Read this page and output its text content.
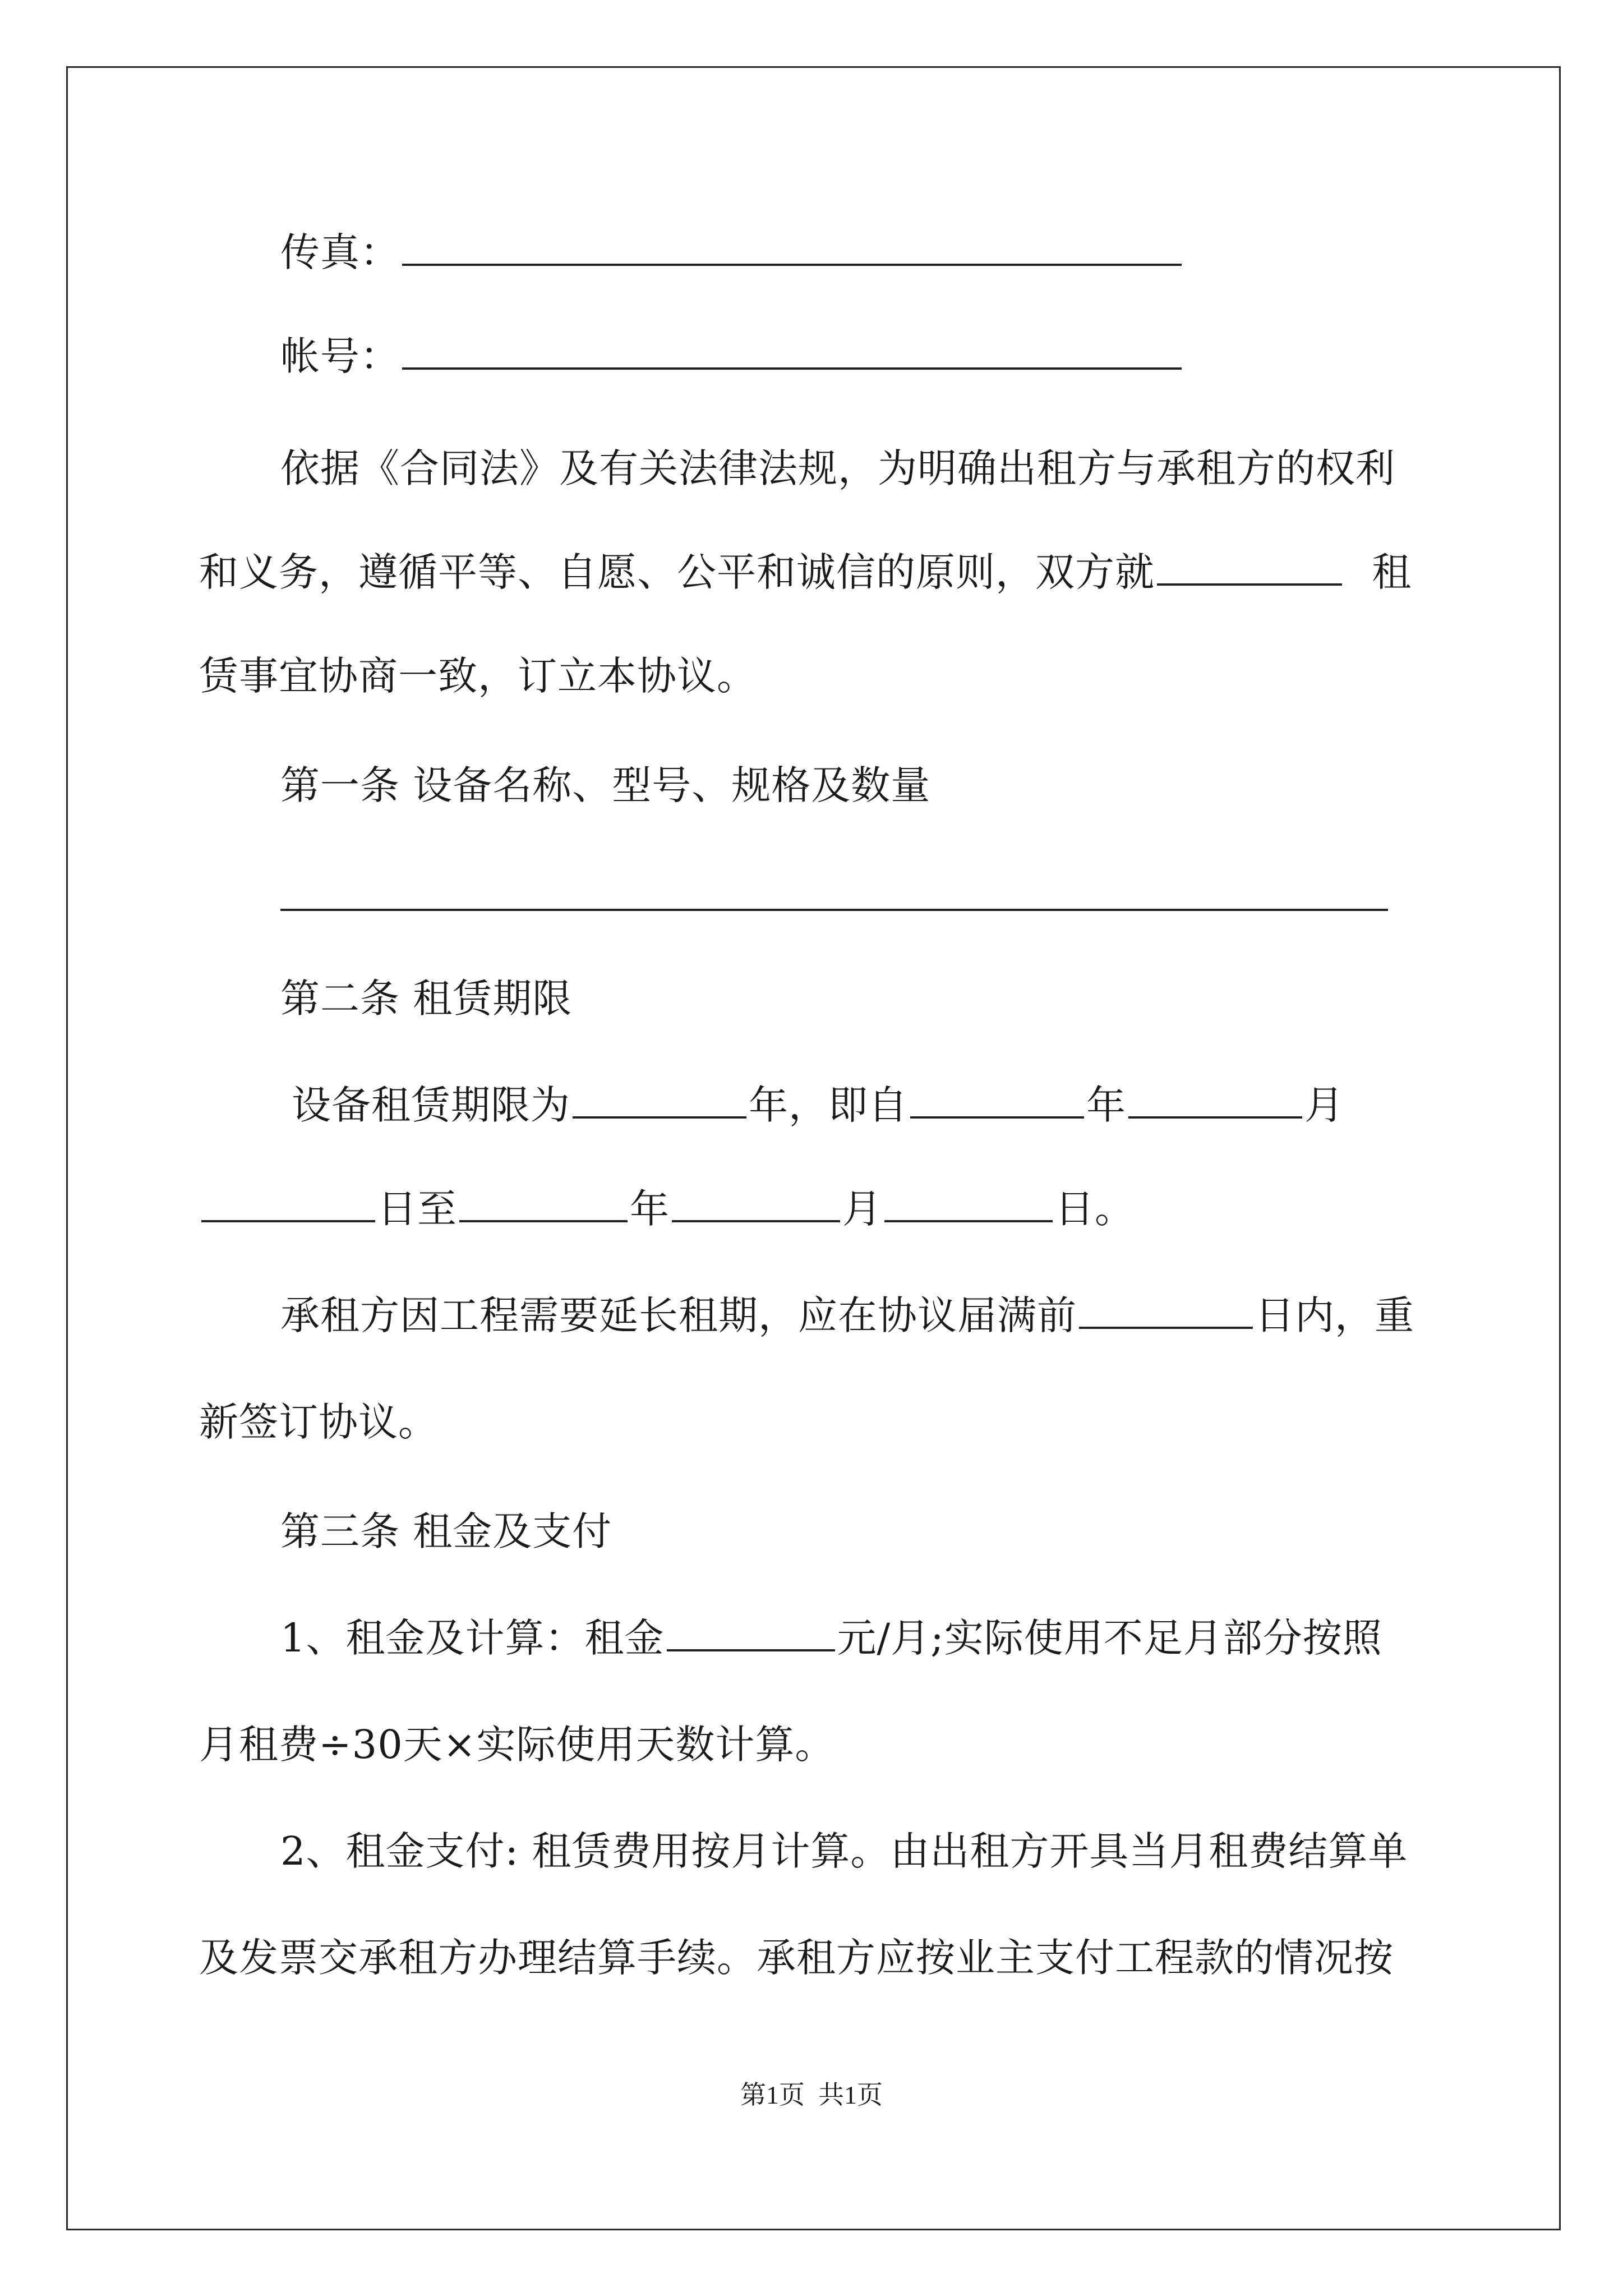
传真：
帐号：
依据《合同法》及有关法律法规，为明确出租方与承租方的权利
和义务，遵循平等、自愿、公平和诚信的原则，双方就	租
赁事宜协商一致，订立本协议。
第一条 设备名称、型号、规格及数量
第二条 租赁期限
设备租赁期限为	年，即自	年	月
日至	年	月	日。
承租方因工程需要延长租期，应在协议届满前	日内，重
新签订协议。
第三条 租金及支付
1、租金及计算：租金	元/月;实际使用不足月部分按照
月租费÷30天×实际使用天数计算。
2、租金支付: 租赁费用按月计算。由出租方开具当月租费结算单
及发票交承租方办理结算手续。承租方应按业主支付工程款的情况按
第1页 共1页
